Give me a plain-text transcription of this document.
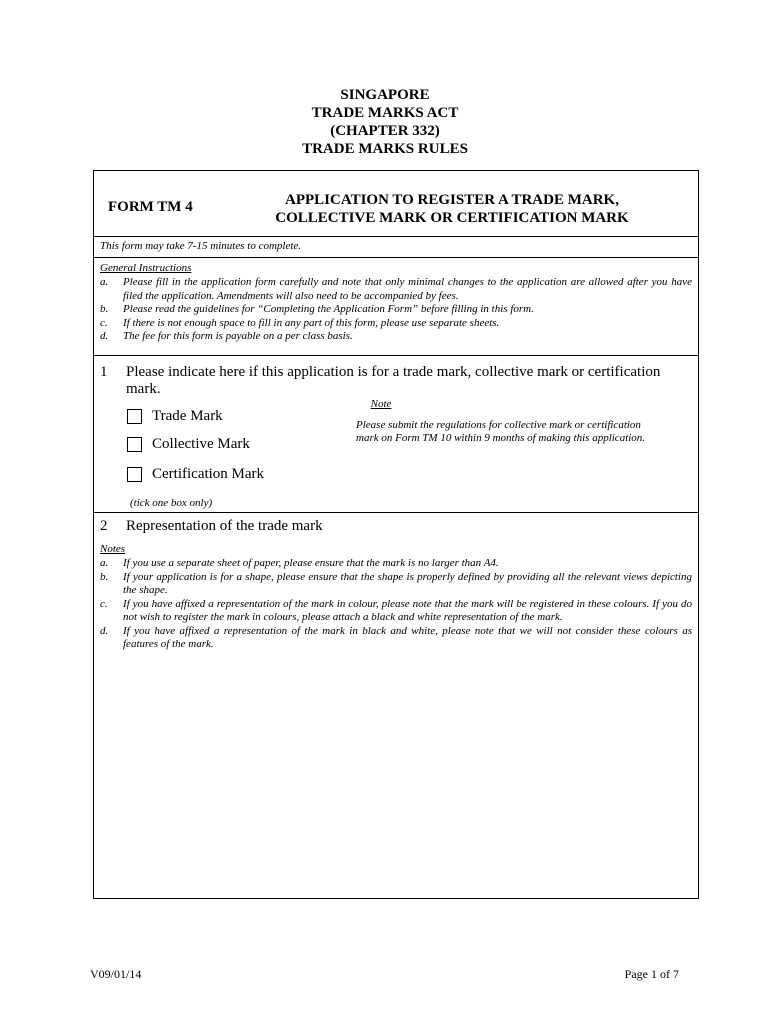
SINGAPORE
TRADE MARKS ACT
(CHAPTER 332)
TRADE MARKS RULES
FORM TM 4	APPLICATION TO REGISTER A TRADE MARK,
COLLECTIVE MARK OR CERTIFICATION MARK
This form may take 7-15 minutes to complete.
General Instructions
a. Please fill in the application form carefully and note that only minimal changes to the application are allowed after you have filed the application. Amendments will also need to be accompanied by fees.
b. Please read the guidelines for “Completing the Application Form” before filling in this form.
c. If there is not enough space to fill in any part of this form, please use separate sheets.
d. The fee for this form is payable on a per class basis.
1 Please indicate here if this application is for a trade mark, collective mark or certification
mark.
Trade Mark
Collective Mark
Certification Mark
(tick one box only)
Note
Please submit the regulations for collective mark or certification mark on Form TM 10 within 9 months of making this application.
2 Representation of the trade mark
Notes
a. If you use a separate sheet of paper, please ensure that the mark is no larger than A4.
b. If your application is for a shape, please ensure that the shape is properly defined by providing all the relevant views depicting the shape.
c. If you have affixed a representation of the mark in colour, please note that the mark will be registered in these colours. If you do not wish to register the mark in colours, please attach a black and white representation of the mark.
d. If you have affixed a representation of the mark in black and white, please note that we will not consider these colours as features of the mark.
V09/01/14	Page 1 of 7
